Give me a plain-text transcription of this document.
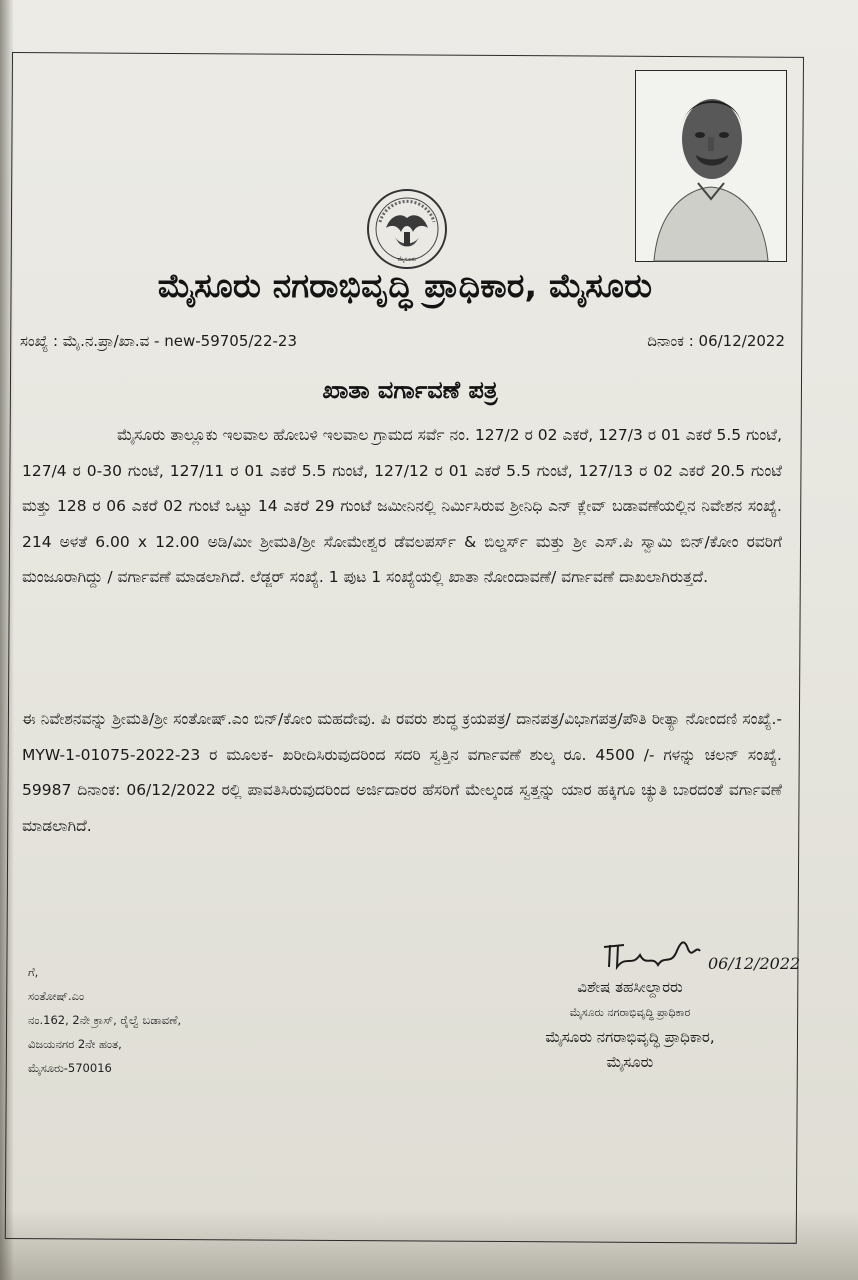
ಮೈಸೂರು
ಮೈಸೂರು ನಗರಾಭಿವೃದ್ಧಿ ಪ್ರಾಧಿಕಾರ, ಮೈಸೂರು
ಸಂಖ್ಯೆ : ಮೈ.ನ.ಪ್ರಾ/ಖಾ.ವ - new-59705/22-23	ದಿನಾಂಕ : 06/12/2022
ಖಾತಾ ವರ್ಗಾವಣೆ ಪತ್ರ
ಮೈಸೂರು ತಾಲ್ಲೂಕು ಇಲವಾಲ ಹೋಬಳಿ ಇಲವಾಲ ಗ್ರಾಮದ ಸರ್ವೆ ನಂ. 127/2 ರ 02 ಎಕರೆ, 127/3 ರ 01 ಎಕರೆ 5.5 ಗುಂಟೆ, 127/4 ರ 0-30 ಗುಂಟೆ, 127/11 ರ 01 ಎಕರೆ 5.5 ಗುಂಟೆ, 127/12 ರ 01 ಎಕರೆ 5.5 ಗುಂಟೆ, 127/13 ರ 02 ಎಕರೆ 20.5 ಗುಂಟೆ ಮತ್ತು 128 ರ 06 ಎಕರೆ 02 ಗುಂಟೆ ಒಟ್ಟು 14 ಎಕರೆ 29 ಗುಂಟೆ ಜಮೀನಿನಲ್ಲಿ ನಿರ್ಮಿಸಿರುವ ಶ್ರೀನಿಧಿ ಎನ್ ಕ್ಲೇವ್ ಬಡಾವಣೆಯಲ್ಲಿನ ನಿವೇಶನ ಸಂಖ್ಯೆ. 214 ಅಳತೆ 6.00 x 12.00 ಅಡಿ/ಮೀ ಶ್ರೀಮತಿ/ಶ್ರೀ ಸೋಮೇಶ್ವರ ಡೆವಲಪರ್ಸ್ & ಬಿಲ್ಡರ್ಸ್ ಮತ್ತು ಶ್ರೀ ಎಸ್.ಪಿ ಸ್ವಾಮಿ ಬಿನ್/ಕೋಂ ರವರಿಗೆ ಮಂಜೂರಾಗಿದ್ದು / ವರ್ಗಾವಣೆ ಮಾಡಲಾಗಿದೆ. ಲೆಡ್ಜರ್ ಸಂಖ್ಯೆ. 1 ಪುಟ 1 ಸಂಖ್ಯೆಯಲ್ಲಿ ಖಾತಾ ನೋಂದಾವಣೆ/ ವರ್ಗಾವಣೆ ದಾಖಲಾಗಿರುತ್ತದೆ.
ಈ ನಿವೇಶನವನ್ನು ಶ್ರೀಮತಿ/ಶ್ರೀ ಸಂತೋಷ್.ಎಂ ಬಿನ್/ಕೋಂ ಮಹದೇವು. ಪಿ ರವರು ಶುದ್ಧ ಕ್ರಯಪತ್ರ/ ದಾನಪತ್ರ/ವಿಭಾಗಪತ್ರ/ಪೌತಿ ರೀತ್ಯಾ ನೋಂದಣಿ ಸಂಖ್ಯೆ.- MYW-1-01075-2022-23 ರ ಮೂಲಕ- ಖರೀದಿಸಿರುವುದರಿಂದ ಸದರಿ ಸ್ವತ್ತಿನ ವರ್ಗಾವಣೆ ಶುಲ್ಕ ರೂ. 4500 /- ಗಳನ್ನು ಚಲನ್ ಸಂಖ್ಯೆ. 59987 ದಿನಾಂಕ: 06/12/2022 ರಲ್ಲಿ ಪಾವತಿಸಿರುವುದರಿಂದ ಅರ್ಜಿದಾರರ ಹೆಸರಿಗೆ ಮೇಲ್ಕಂಡ ಸ್ವತ್ತನ್ನು ಯಾರ ಹಕ್ಕಿಗೂ ಚ್ಯುತಿ ಬಾರದಂತೆ ವರ್ಗಾವಣೆ ಮಾಡಲಾಗಿದೆ.
06/12/2022
ವಿಶೇಷ ತಹಸೀಲ್ದಾರರು
ಮೈಸೂರು ನಗರಾಭಿವೃದ್ಧಿ ಪ್ರಾಧಿಕಾರ
ಮೈಸೂರು ನಗರಾಭಿವೃದ್ಧಿ ಪ್ರಾಧಿಕಾರ,
ಮೈಸೂರು
ಗೆ,
ಸಂತೋಷ್.ಎಂ
ನಂ.162, 2ನೇ ಕ್ರಾಸ್, ರೈಲ್ವೆ ಬಡಾವಣೆ,
ವಿಜಯನಗರ 2ನೇ ಹಂತ,
ಮೈಸೂರು-570016
